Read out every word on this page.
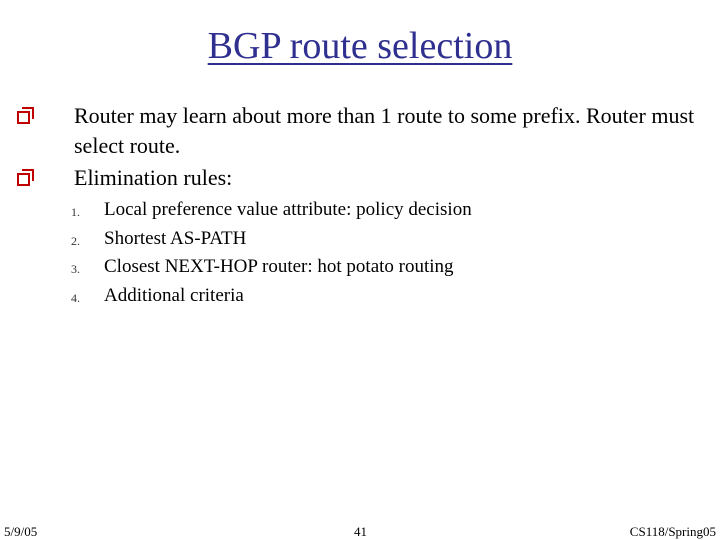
BGP route selection
Router may learn about more than 1 route to some prefix. Router must select route.
Elimination rules:
1. Local preference value attribute: policy decision
2. Shortest AS-PATH
3. Closest NEXT-HOP router: hot potato routing
4. Additional criteria
5/9/05	41	CS118/Spring05
